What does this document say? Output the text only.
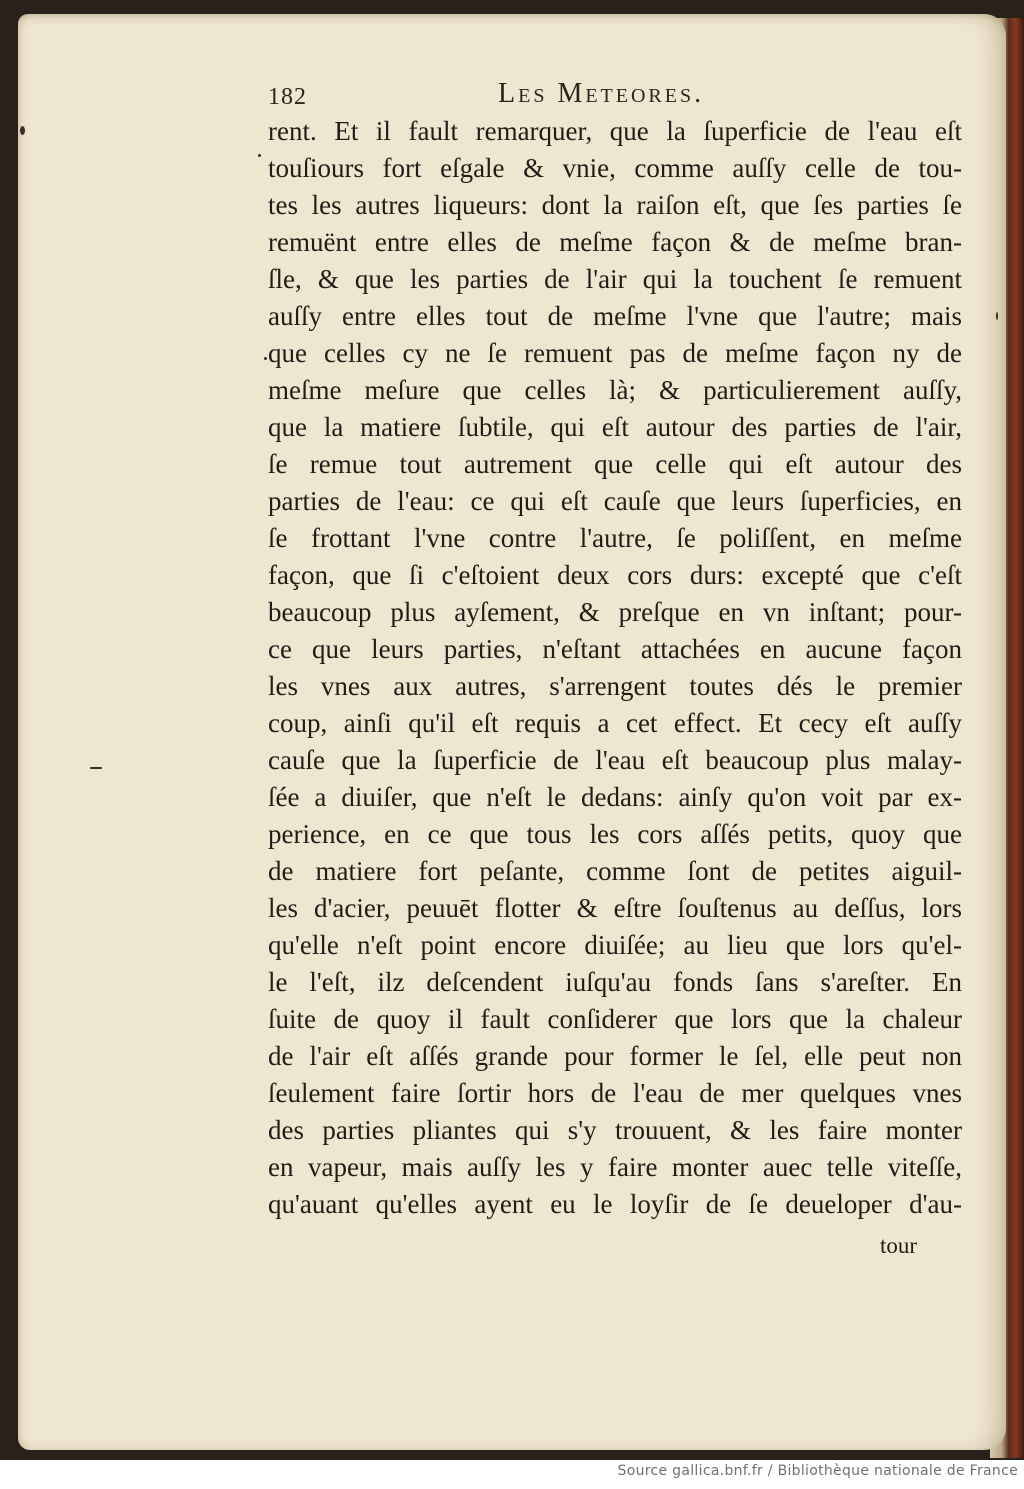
182	Les Meteores.
rent. Et il fault remarquer, que la ſuperficie de l'eau eſt
touſiours fort eſgale & vnie, comme auſſy celle de tou-
tes les autres liqueurs: dont la raiſon eſt, que ſes parties ſe
remuënt entre elles de meſme façon & de meſme bran-
ſle, & que les parties de l'air qui la touchent ſe remuent
auſſy entre elles tout de meſme l'vne que l'autre; mais
que celles cy ne ſe remuent pas de meſme façon ny de
meſme meſure que celles là; & particulierement auſſy,
que la matiere ſubtile, qui eſt autour des parties de l'air,
ſe remue tout autrement que celle qui eſt autour des
parties de l'eau: ce qui eſt cauſe que leurs ſuperficies, en
ſe frottant l'vne contre l'autre, ſe poliſſent, en meſme
façon, que ſi c'eſtoient deux cors durs: excepté que c'eſt
beaucoup plus ayſement, & preſque en vn inſtant; pour-
ce que leurs parties, n'eſtant attachées en aucune façon
les vnes aux autres, s'arrengent toutes dés le premier
coup, ainſi qu'il eſt requis a cet effect. Et cecy eſt auſſy
cauſe que la ſuperficie de l'eau eſt beaucoup plus malay-
ſée a diuiſer, que n'eſt le dedans: ainſy qu'on voit par ex-
perience, en ce que tous les cors aſſés petits, quoy que
de matiere fort peſante, comme ſont de petites aiguil-
les d'acier, peuuēt flotter & eſtre ſouſtenus au deſſus, lors
qu'elle n'eſt point encore diuiſée; au lieu que lors qu'el-
le l'eſt, ilz deſcendent iuſqu'au fonds ſans s'areſter. En
ſuite de quoy il fault conſiderer que lors que la chaleur
de l'air eſt aſſés grande pour former le ſel, elle peut non
ſeulement faire ſortir hors de l'eau de mer quelques vnes
des parties pliantes qui s'y trouuent, & les faire monter
en vapeur, mais auſſy les y faire monter auec telle viteſſe,
qu'auant qu'elles ayent eu le loyſir de ſe deueloper d'au-
tour
Source gallica.bnf.fr / Bibliothèque nationale de France
